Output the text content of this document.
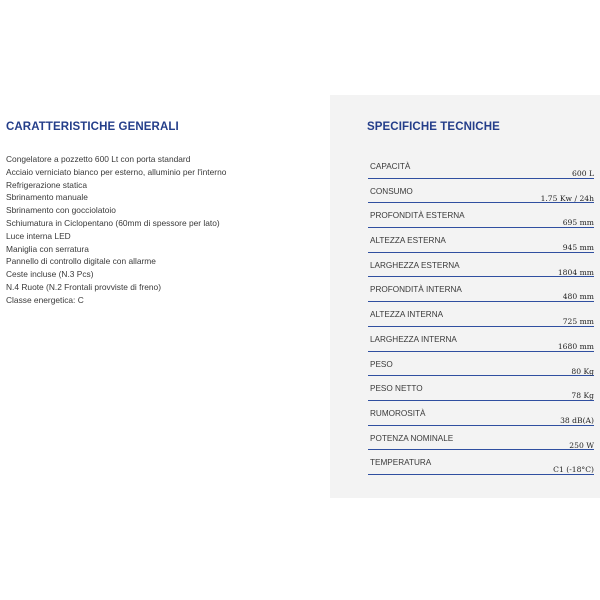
CARATTERISTICHE GENERALI
Congelatore a pozzetto 600 Lt con porta standard
Acciaio verniciato bianco per esterno, alluminio per l'interno
Refrigerazione statica
Sbrinamento manuale
Sbrinamento con gocciolatoio
Schiumatura in Ciclopentano (60mm di spessore per lato)
Luce interna LED
Maniglia con serratura
Pannello di controllo digitale con allarme
Ceste incluse (N.3 Pcs)
N.4 Ruote (N.2 Frontali provviste di freno)
Classe energetica: C
SPECIFICHE TECNICHE
CAPACITÀ
600 L
CONSUMO
1.75 Kw / 24h
PROFONDITÀ ESTERNA
695 mm
ALTEZZA ESTERNA
945 mm
LARGHEZZA ESTERNA
1804 mm
PROFONDITÀ INTERNA
480 mm
ALTEZZA INTERNA
725 mm
LARGHEZZA INTERNA
1680 mm
PESO
80 Kg
PESO NETTO
78 Kg
RUMOROSITÀ
38 dB(A)
POTENZA NOMINALE
250 W
TEMPERATURA
C1 (-18°C)
